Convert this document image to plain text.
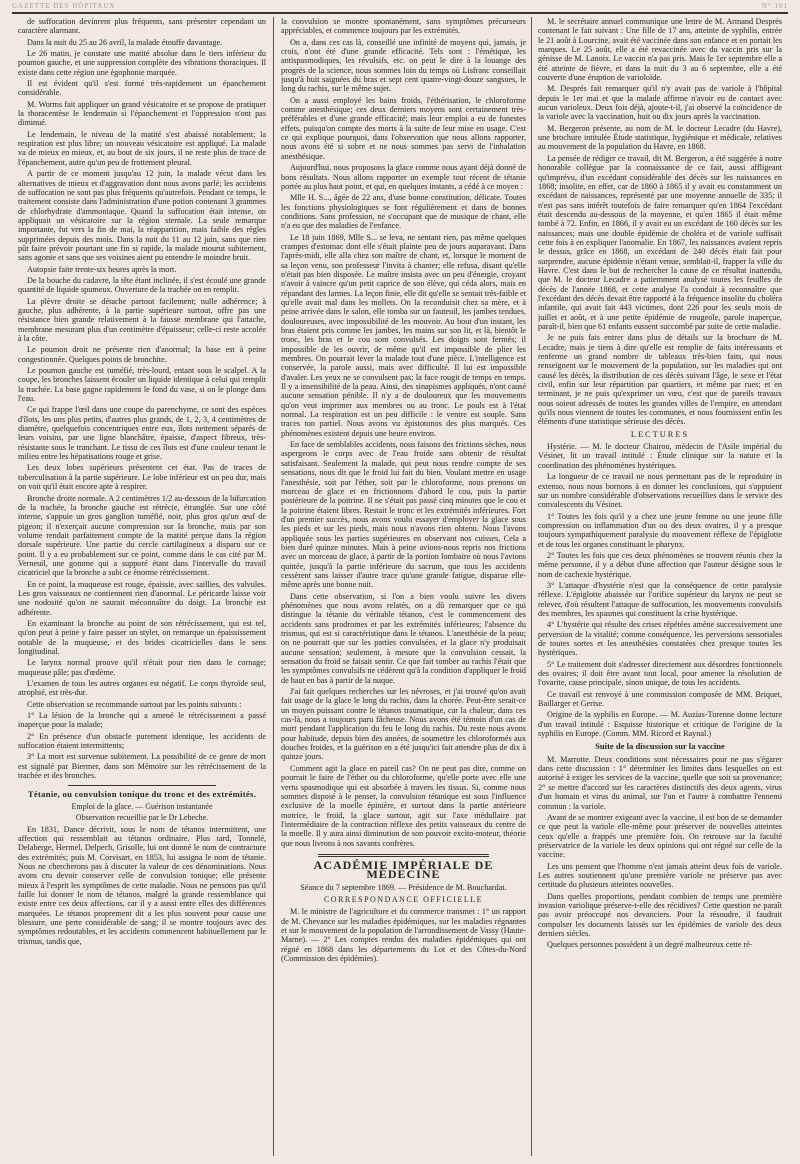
GAZETTE DES HÔPITAUX	N° 101

de suffocation devinrent plus fréquents, sans présenter cependant un caractère alarmant.

Dans la nuit du 25 au 26 avril, la malade étouffe davantage.

Le 26 matin, je constate une matité absolue dans le tiers inférieur du poumon gauche, et une suppression complète des vibrations thoraciques. Il existe dans cette région une égophonie marquée.

Il est évident qu'il s'est formé très-rapidement un épanchement considérable.

M. Worms fait appliquer un grand vésicatoire et se propose de pratiquer la thoracentèse le lendemain si l'épanchement et l'oppression n'ont pas diminué.

Le lendemain, le niveau de la matité s'est abaissé notablement; la respiration est plus libre; un nouveau vésicatoire est appliqué. La malade va de mieux en mieux, et, au bout de six jours, il ne reste plus de trace de l'épanchement, autre qu'un peu de frottement pleural.

A partir de ce moment jusqu'au 12 juin, la malade vécut dans les alternatives de mieux et d'aggravation dont nous avons parlé; les accidents de suffocation ne sont pas plus fréquents qu'autrefois. Pendant ce temps, le traitement consiste dans l'administration d'une potion contenant 3 grammes de chlorhydrate d'ammoniaque. Quand la suffocation était intense, on appliquait un vésicatoire sur la région sternale. La seule remarque importante, fut vers la fin de mai, la réapparition, mais faible des règles supprimées depuis des mois. Dans la nuit du 11 au 12 juin, sans que rien pût faire prévoir pourtant une fin si rapide, la malade mourut subitement, sans agonie et sans que ses voisines aient pu entendre le moindre bruit.

Autopsie faite trente-six heures après la mort.

De la bouche du cadavre, la tête étant inclinée, il s'est écoulé une grande quantité de liquide spumeux. Ouverture de la trachée on en remplit.

La plèvre droite se détache partout facilement; nulle adhérence; à gauche, plus adhérente, à la partie supérieure surtout, offre pas une résistance bien grande relativement à la fausse membrane qui l'attache, membrane mesurant plus d'un centimètre d'épaisseur; celle-ci reste accolée à la côte.

Le poumon droit ne présente rien d'anormal; la base est à peine congestionnée. Quelques points de bronchite.

Le poumon gauche est tuméfié, très-lourd, entant sous le scalpel. A la coupe, les bronches laissent écouler un liquide identique à celui qui remplit la trachée. La base gagne rapidement le fond du vase, si on le plonge dans l'eau.

Ce qui frappe l'œil dans une coupe du parenchyme, ce sont des espèces d'îlots, les uns plus petits, d'autres plus grands, de 1, 2, 3, 4 centimètres de diamètre, quelquefois concentriques entre eux, îlots nettement séparés de leurs voisins, par une ligne blanchâtre, épaisse, d'aspect fibreux, très-résistante sous le tranchant. Le tissu de ces îlots est d'une couleur tenant le milieu entre les hépatisations rouge et grise.

Les deux lobes supérieurs présentent cet état. Pas de traces de tuberculisation à la partie supérieure. Le lobe inférieur est un peu dur, mais on voit qu'il était encore apte à respirer.

Bronche droite normale. A 2 centimètres 1/2 au-dessous de la bifurcation de la trachée, la bronche gauche est rétrécie, étranglée. Sur une côté interne, s'appuie un gros ganglion tuméfié, noir, plus gros qu'un œuf de pigeon; il n'exerçait aucune compression sur la bronche, mais par son volume rendait parfaitement compte de la matité perçue dans la région dorsale supérieure. Une partie du cercle cartilagineux a disparu sur ce point. Il y a eu probablement sur ce point, comme dans le cas cité par M. Verneuil, une gomme qui a supporé étant dans l'intervalle du travail cicatriciel que la bronche a subi ce énorme rétrécissement.

En ce point, la muqueuse est rouge, épaissie, avec saillies, des valvules. Les gros vaisseaux ne contiennent rien d'anormal. Le péricarde laisse voir une nodosité qu'on ne saurait méconnaître du doigt. La bronche est adhérente.

En examinant la bronche au point de son rétrécissement, qui est tel, qu'on peut à peine y faire passer un stylet, on remarque un épaississement notable de la muqueuse, et des brides cicatricielles dans le sens longitudinal.

Le larynx normal prouve qu'il n'était pour rien dans le cornage; muqueuse pâle; pas d'œdème.

L'examen de tous les autres organes est négatif. Le corps thyroïde seul, atrophié, est très-dur.

Cette observation se recommande surtout par les points suivants :

1° La lésion de la bronche qui a amené le rétrécissement a passé inaperçue pour la malade;

2° En présence d'un obstacle purement identique, les accidents de suffocation étaient intermittents;

3° La mort est survenue subitement. La possibilité de ce genre de mort est signalé par Biermer, dans son Mémoire sur les rétrécissement de la trachée et des bronches.

Tétanie, ou convulsion tonique du tronc et des extrémités.
Emploi de la glace. — Guérison instantanée
Observation recueillie par le Dr Lebeche.

En 1831, Dance décrivit, sous le nom de tétanos intermittent, une affection qui ressemblait au tétanos ordinaire. Plus tard, Tonnelé, Delaberge, Hermel, Delpech, Grisolle, lui ont donné le nom de contracture des extrémités; puis M. Corvisart, en 1853, lui assigna le nom de tétanie. Nous ne chercherons pas à discuter la valeur de ces dénominations. Nous avons cru devoir conserver celle de convulsion tonique; elle présente mieux à l'esprit les symptômes de cette maladie. Nous ne pensons pas qu'il faille lui donner le nom de tétanos, malgré la grande ressemblance qui existe entre ces deux affections, car il y a aussi entre elles des différences marquées. Le tétanos proprement dit a les plus souvent pour cause une blessure, une perte considérable de sang; il se montre toujours avec des symptômes redoutables, et les accidents commencent habituellement par le trismus, tandis que,

la convulsion se montre spontanément, sans symptômes précurseurs appréciables, et commence toujours par les extrémités.

On a, dans ces cas là, conseillé une infinité de moyens qui, jamais, je crois, n'ont été d'une grande efficacité. Tels sont : l'émétique, les antispasmodiques, les révulsifs, etc. on peut le dire à la louange des progrès de la science, nous sommes loin du temps où Lisfranc conseillait jusqu'à huit saignées du bras et sept cent quatre-vingt-douze sangsues, le long du rachis, sur le même sujet.

On a aussi employé les bains froids, l'éthérisation, le chloroforme comme anesthésique; ces deux derniers moyens sont certainement très-préférables et d'une grande efficacité; mais leur emploi a eu de funestes effets, puisqu'on compte des morts à la suite de leur mise en usage. C'est ce qui explique pourquoi, dans l'observation que nous allons rapporter, nous avons été si sobre et ne nous sommes pas servi de l'inhalation anesthésique.

Aujourd'hui, nous proposons la glace comme nous ayant déjà donné de bons résultats. Nous allons rapporter un exemple tout récent de tétanie portée au plus haut point, et qui, en quelques instants, a cédé à ce moyen :

Mlle H. S..., âgée de 22 ans, d'une bonne constitution, délicate. Toutes les fonctions physiologiques se font régulièrement et dans de bonnes conditions. Sans profession, ne s'occupant que de musique de chant, elle n'a eu que des maladies de l'enfance.

Le 18 juin 1869, Mlle S... se leva, ne sentant rien, pas même quelques crampes d'estomac dont elle s'était plainte peu de jours auparavant. Dans l'après-midi, elle alla chez son maître de chant, et, lorsque le moment de sa leçon venu, son professeur l'invita à chanter; elle refusa, disant qu'elle n'était pas bien disposée. Le maître insista avec un peu d'énergie, croyant n'avoir à vaincre qu'un petit caprice de son élève, qui céda alors, mais en répandant des larmes. La leçon finie, elle dit qu'elle se sentait très-faible et qu'elle avait mal dans les mollets. On la reconduisit chez sa mère, et à peine arrivée dans le salon, elle tomba sur un fauteuil, les jambes tendues, douloureuses, avec impossibilité de les mouvoir. Au bout d'un instant, les bras étaient pris comme les jambes, les mains sur son lit, et là, bientôt le tronc, les bras et le cou sont convulsés. Les doigts sont fermés; il impossible de les ouvrir, de même qu'il est impossible de plier les membres. On pourrait lever la malade tout d'une pièce. L'intelligence est conservée, la parole aussi, mais avec difficulté. Il lui est impossible d'avaler. Les yeux ne se convulsent pas; la face rougit de temps en temps. Il y a insensibilité de la peau. Ainsi, des sinapismes appliqués, n'ont causé aucune sensation pénible. Il n'y a de douloureux que les mouvements qu'on veut imprimer aux membres ou au tronc. Le pouls est à l'état normal. La respiration est un peu difficile : le ventre est souple. Sans traces ton partiel. Nous avons vu épistotonos des plus marqués. Ces phénomènes existent depuis une heure environ.

En face de semblables accidents, nous faisons des frictions sèches, nous aspergeons le corps avec de l'eau froide sans obtenir de résultat satisfaisant. Seulement la malade, qui peut nous rendre compte de ses sensations, nous dit que le froid lui fait du bien. Voulant mettre en usage l'anesthésie, soit par l'éther, soit par le chloroforme, nous prenons un morceau de glace et en frictionnons d'abord le cou, puis la partie postérieure de la poitrine. Il ne s'était pas passé cinq minutes que le cou et la poitrine étaient libres. Restait le tronc et les extrémités inférieures. Fort d'un premier succès, nous avons voulu essayer d'employer la glace sous les pieds et sur les pieds, mais nous n'avons rien obtenu. Nous l'avons appliquée sous les parties supérieures en observant nos cuisses, Cela a bien duré quinze minutes. Mais à peine avions-nous repris nos frictions avec un morceau de glace, à partir de la portion lombaire où nous l'avions quittée, jusqu'à la partie inférieure du sacrum, que tous les accidents cessèrent sans laisser d'autre trace qu'une grande fatigue, disparue elle-même après une bonne nuit.

Dans cette observation, si l'on a bien voulu suivre les divers phénomènes que nous avons relatés, on a dû remarquer que ce qui distingue la tétanie du véritable tétanos, c'est le commencement des accidents sans prodromes et par les extrémités inférieures; l'absence du trismus, qui est si caractéristique dans le tétanos. L'anesthésie de la peau; on ne pourrait que sur les parties convulsées, et la glace n'y produisait aucune sensation; seulement, à mesure que la convulsion cessait, la sensation du froid se faisait sentir. Ce que fait tomber au rachis l'était que les symptômes convulsifs ne cédèrent qu'à la condition d'appliquer le froid de haut en bas à partir de la nuque.

J'ai fait quelques recherches sur les névroses, et j'ai trouvé qu'on avait fait usage de la glace le long du rachis, dans la chorée. Peut-être serait-ce un moyen puissant contre le tétanos traumatique, car la chaleur, dans ces cas-là, nous a toujours paru fâcheuse. Nous avons été témoin d'un cas de mort pendant l'application du feu le long du rachis. Du reste nous avons pour habitude, depuis bien des années, de soumettre les chloroformés aux douches froides, et la guérison en a été jusqu'ici fait attendre plus de dix à quinze jours.

Comment agit la glace en pareil cas? On ne peut pas dire, comme on pourrait le faire de l'éther ou du chloroforme, qu'elle porte avec elle une vertu spasmodique qui est absorbée à travers les tissus. Si, comme nous sommes disposé à le penser, la convulsion tétanique est sous l'influence exclusive de la moelle épinière, et surtout dans la partie antérieure motrice, le froid, la glace surtout, agit sur l'axe médullaire par l'intermédiaire de la contraction réflexe des petits vaisseaux du centre de la moelle. Il y aura ainsi diminution de son pouvoir excito-moteur, théorie que nous livrons à nos savants confrères.

ACADÉMIE IMPÉRIALE DE MÉDECINE
Séance du 7 septembre 1869. — Présidence de M. Bouchardat.
CORRESPONDANCE OFFICIELLE

M. le ministre de l'agriculture et du commerce transmet : 1° un rapport de M. Chevance sur les maladies épidémiques, sur les maladies régnantes et sur le mouvement de la population de l'arrondissement de Vassy (Haute-Marne). — 2° Les comptes rendus des maladies épidémiques qui ont régné en 1868 dans les départements du Lot et des Côtes-du-Nord (Commission des épidémies).

M. le secrétaire annuel communique une lettre de M. Armand Després contenant le fait suivant : Une fille de 17 ans, atteinte de syphilis, entrée le 21 août à Lourcine, avait été vaccinée dans son enfance et en portait les marques. Le 25 août, elle a été revaccinée avec du vaccin pris sur la génisse de M. Lanoix. Le vaccin n'a pas pris. Mais le 1er septembre elle a été atteinte de fièvre, et dans la nuit du 3 au 6 septembre, elle a été couverte d'une éruption de varioloïde.

M. Després fait remarquer qu'il n'y avait pas de variole à l'hôpital depuis le 1er mai et que la malade affirme n'avoir eu de contact avec aucun varioleux. Deux fois déjà, ajoute-t-il, j'ai observé la coïncidence de la variole avec la vaccination, huit ou dix jours après la vaccination.

M. Bergeron présente, au nom de M. le docteur Lecadre (du Havre), une brochure intitulée Étude statistique, hygiénique et médicale, relatives au mouvement de la population du Havre, en 1868.

La pensée de rédiger ce travail, dit M. Bergeron, a été suggérée à notre honorable collègue par la connaissance de ce fait, aussi affligeant qu'imprévu, d'un excédant considérable des décès sur les naissances en 1868; insolite, en effet, car de 1860 à 1865 il y avait eu constamment un excédant de naissances, représenté par une moyenne annuelle de 335; il n'est pas sans intérêt toutefois de faire remarquer qu'en 1864 l'excédant était descendu au-dessous de la moyenne, et qu'en 1865 il était même tombé à 72. Enfin, en 1866, il y avait eu un excédant de 160 décès sur les naissances; mais une double épidémie de choléra et de variole suffisait cette fois à en expliquer l'anomalie. En 1867, les naissances avaient repris le dessus, grâce en 1868, un excédant de 240 décès était fait pour surprendre, aucune épidémie n'étant venue, semblait-il, frapper la ville du Havre. C'est dans le but de rechercher la cause de ce résultat inattendu, que M. le docteur Lecadre a patiemment analysé toutes les feuilles de décès de l'année 1868, et cette analyse l'a conduit à reconnaître que l'excédant des décès devait être rapporté à la fréquence insolite du choléra infantile, qui avait fait 443 victimes, dont 226 pour les seuls mois de juillet et août, et à une petite épidémie de rougeole, parole inaperçue, paraît-il, bien que 61 enfants eussent succombé par suite de cette maladie.

Je ne puis fais entrer dans plus de détails sur la brochure de M. Lecadre, mais je tiens à dire qu'elle est remplie de faits intéressants et renferme un grand nombre de tableaux très-bien faits, qui nous renseignent sur le mouvement de la population, sur les maladies qui ont causé les décès, la distribution de ces décès suivant l'âge, le sexe et l'état civil, enfin sur leur répartition par quartiers, et même par rues; et en terminant, je ne puis qu'exprimer un vœu, c'est que de pareils travaux nous soient adressés de toutes les grandes villes de l'empire, en attendant qu'ils nous viennent de toutes les communes, et nous fournissent enfin les éléments d'une statistique sérieuse des décès.

LECTURES

Hystérie. — M. le docteur Chairou, médecin de l'Asile impérial du Vésinet, lit un travail intitulé : Étude clinique sur la nature et la coordination des phénomènes hystériques.

La longueur de ce travail ne nous permettant pas de le reproduire in extenso, nous nous bornons à en donner les conclusions, qui s'appuient sur un nombre considérable d'observations recueillies dans le service des convalescents du Vésinet.

1° Toutes les fois qu'il y a chez une jeune femme ou une jeune fille compression ou inflammation d'un ou des deux ovaires, il y a presque toujours sympathiquement paralysie du mouvement réflexe de l'épiglotte et de tous les organes constituant le pharynx.

2° Toutes les fois que ces deux phénomènes se trouvent réunis chez la même personne, il y a début d'une affection que l'auteur désigne sous le nom de cachexie hystérique.

3° L'attaque d'hystérie n'est que la conséquence de cette paralysie réflexe. L'épiglotte abaissée sur l'orifice supérieur du larynx ne peut se relever, d'où résultent l'attaque de suffocation, les mouvements convulsifs des membres, les spasmes qui constituent la crise hystérique.

4° L'hystérie qui résulte des crises répétées amène successivement une perversion de la vitalité; comme conséquence, les perversions sensoriales de toutes sortes et les anesthésies constatées chez presque toutes les hystériques.

5° Le traitement doit s'adresser directement aux désordres fonctionnels des ovaires; il doit être avant tout local, pour amener la résolution de l'ovarite, cause principale, sinon unique, de tous les accidents.

Ce travail est renvoyé à une commission composée de MM. Briquet, Baillarger et Gerise.

Origine de la syphilis en Europe. — M. Auzias-Turenne donne lecture d'un travail intitulé : Esquisse historique et critique de l'origine de la syphilis en Europe. (Comm. MM. Ricord et Raynal.)

Suite de la discussion sur la vaccine

M. Marrotte. Deux conditions sont nécessaires pour ne pas s'égarer dans cette discussion : 1° déterminer les limites dans lesquelles on est autorisé à exiger les services de la vaccine, quelle que soit sa provenance; 2° se mettre d'accord sur les caractères distinctifs des deux agents, virus d'un humain et virus du animal, sur l'un et l'autre à combattre l'ennemi commun : la variole.

Avant de se montrer exigeant avec la vaccine, il est bon de se demander ce que peut la variole elle-même pour préserver de nouvelles atteintes ceux qu'elle a frappés une première fois. On retrouve sur la faculté préservatrice de la variole les deux opinions qui ont régné sur celle de la vaccine.

Les uns pensent que l'homme n'est jamais atteint deux fois de variole. Les autres soutiennent qu'une première variole ne préserve pas avec certitude du plusieurs atteintes nouvelles.

Dans quelles proportions, pendant combien de temps une première invasion variolique préserve-t-elle des récidives? Cette question ne paraît pas avoir préoccupé nos devanciers. Pour la résoudre, il faudrait compulser les documents laissés sur les épidémies de variole des deux derniers siècles.

Quelques personnes possèdent à un degré malheureux cette ré-
